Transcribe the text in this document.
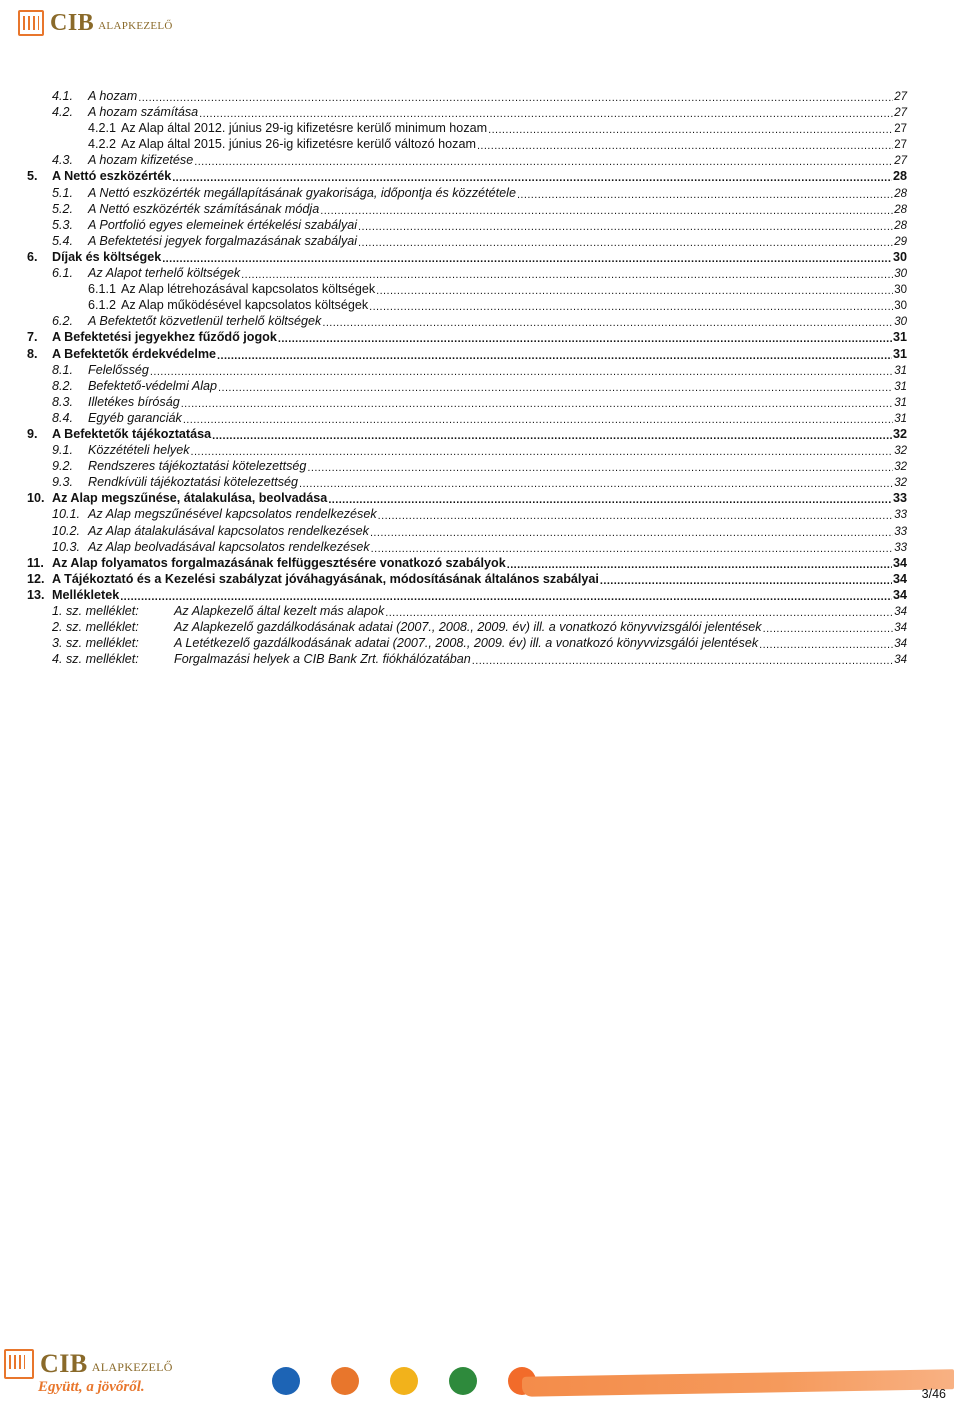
CIB ALAPKEZELŐ
4.1.	A hozam .....	27
4.2.	A hozam számítása .....	27
4.2.1 Az Alap által 2012. június 29-ig kifizetésre kerülő minimum hozam .....	27
4.2.2 Az Alap által 2015. június 26-ig kifizetésre kerülő változó hozam .....	27
4.3.	A hozam kifizetése .....	27
5.	A Nettó eszközérték .....	28
5.1.	A Nettó eszközérték megállapításának gyakorisága, időpontja és közzététele .....	28
5.2.	A Nettó eszközérték számításának módja .....	28
5.3.	A Portfolió egyes elemeinek értékelési szabályai .....	28
5.4.	A Befektetési jegyek forgalmazásának szabályai .....	29
6.	Díjak és költségek .....	30
6.1.	Az Alapot terhelő költségek .....	30
6.1.1 Az Alap létrehozásával kapcsolatos költségek .....	30
6.1.2 Az Alap működésével kapcsolatos költségek .....	30
6.2.	A Befektetőt közvetlenül terhelő költségek .....	30
7.	A Befektetési jegyekhez fűződő jogok .....	31
8.	A Befektetők érdekvédelme .....	31
8.1.	Felelősség .....	31
8.2.	Befektető-védelmi Alap .....	31
8.3.	Illetékes bíróság .....	31
8.4.	Egyéb garanciák .....	31
9.	A Befektetők tájékoztatása .....	32
9.1.	Közzétételi helyek .....	32
9.2.	Rendszeres tájékoztatási kötelezettség .....	32
9.3.	Rendkívüli tájékoztatási kötelezettség .....	32
10. Az Alap megszűnése, átalakulása, beolvadása .....	33
10.1. Az Alap megszűnésével kapcsolatos rendelkezések .....	33
10.2. Az Alap átalakulásával kapcsolatos rendelkezések .....	33
10.3. Az Alap beolvadásával kapcsolatos rendelkezések .....	33
11. Az Alap folyamatos forgalmazásának felfüggesztésére vonatkozó szabályok .....	34
12. A Tájékoztató és a Kezelési szabályzat jóváhagyásának, módosításának általános szabályai .....	34
13. Mellékletek .....	34
1. sz. melléklet:	Az Alapkezelő által kezelt más alapok .....	34
2. sz. melléklet:	Az Alapkezelő gazdálkodásának adatai (2007., 2008., 2009. év) ill. a vonatkozó könyvvizsgálói jelentések .....	34
3. sz. melléklet:	A Letétkezelő gazdálkodásának adatai (2007., 2008., 2009. év) ill. a vonatkozó könyvvizsgálói jelentések .....	34
4. sz. melléklet:	Forgalmazási helyek a CIB Bank Zrt. fiókhálózatában .....	34
CIB ALAPKEZELŐ
Együtt, a jövőről.	3/46
